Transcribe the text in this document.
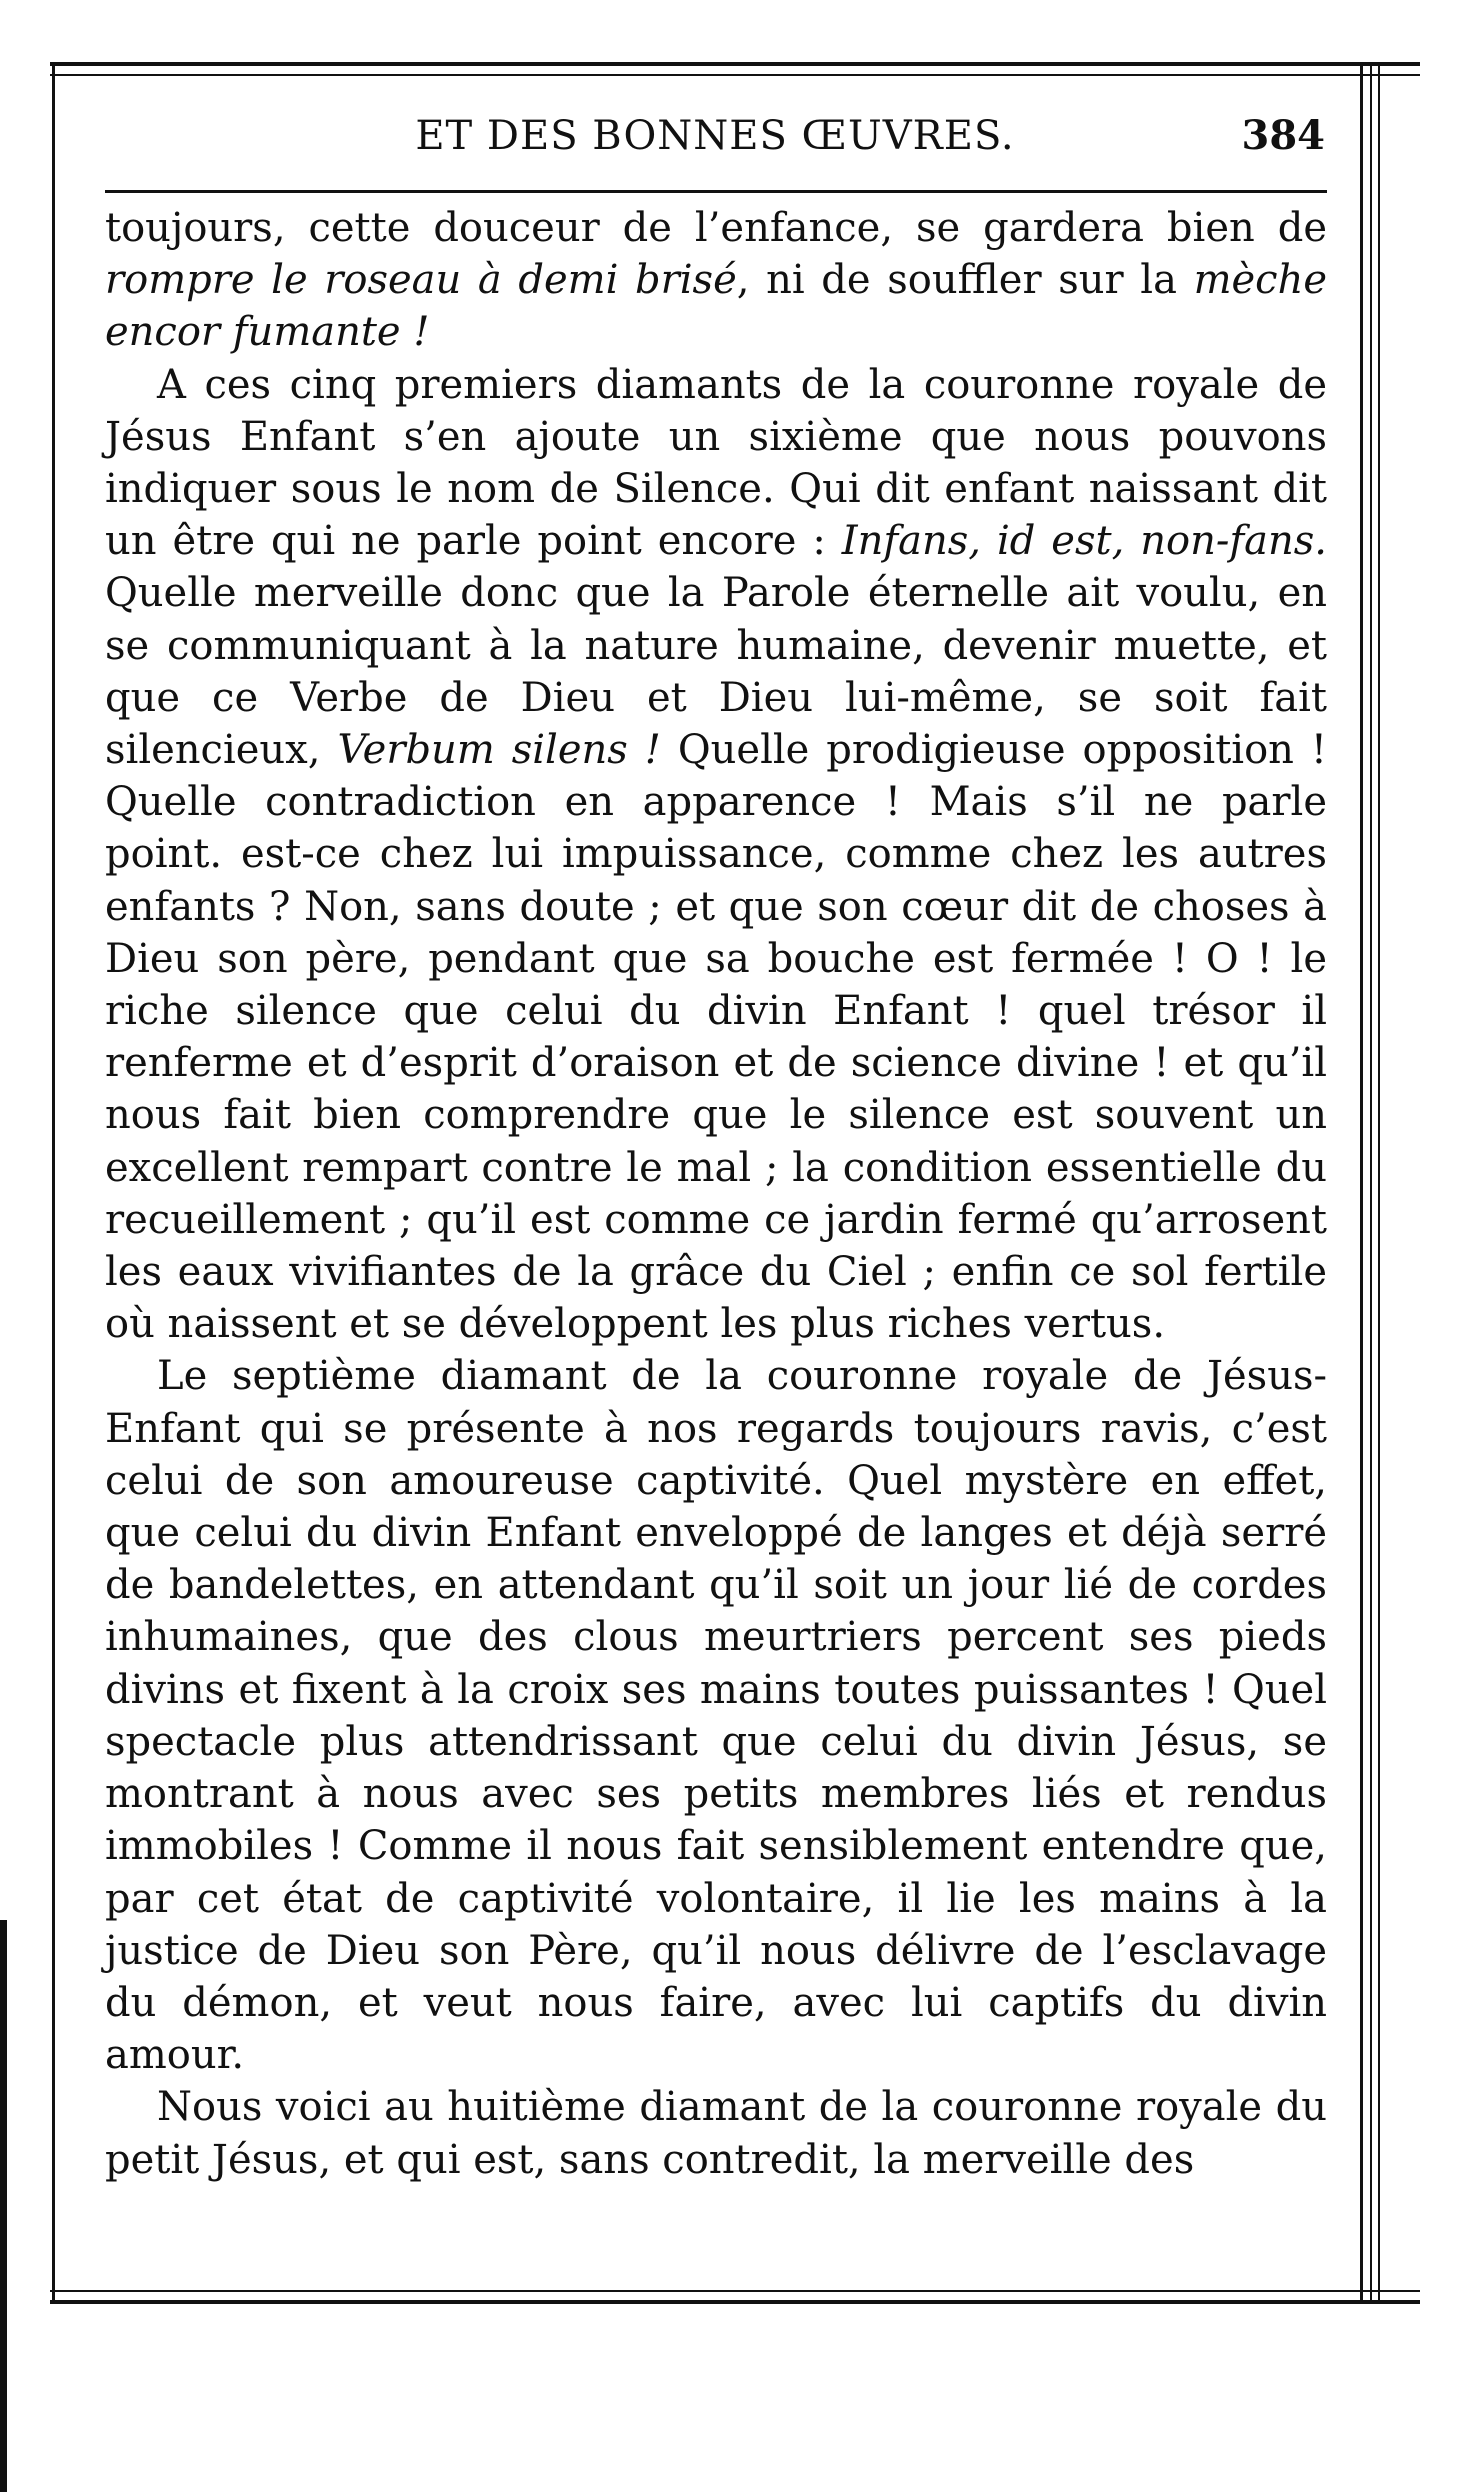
ET DES BONNES ŒUVRES.	384

toujours, cette douceur de l’enfance, se gardera bien de rompre le roseau à demi brisé, ni de souffler sur la mèche encor fumante !

A ces cinq premiers diamants de la couronne royale de Jésus Enfant s’en ajoute un sixième que nous pouvons indiquer sous le nom de Silence. Qui dit enfant naissant dit un être qui ne parle point encore : Infans, id est, non-fans. Quelle merveille donc que la Parole éternelle ait voulu, en se communiquant à la nature humaine, devenir muette, et que ce Verbe de Dieu et Dieu lui-même, se soit fait silencieux, Verbum silens ! Quelle prodigieuse opposition ! Quelle contradiction en apparence ! Mais s’il ne parle point. est-ce chez lui impuissance, comme chez les autres enfants ? Non, sans doute ; et que son cœur dit de choses à Dieu son père, pendant que sa bouche est fermée ! O ! le riche silence que celui du divin Enfant ! quel trésor il renferme et d’esprit d’oraison et de science divine ! et qu’il nous fait bien comprendre que le silence est souvent un excellent rempart contre le mal ; la condition essentielle du recueillement ; qu’il est comme ce jardin fermé qu’arrosent les eaux vivifiantes de la grâce du Ciel ; enfin ce sol fertile où naissent et se développent les plus riches vertus.

Le septième diamant de la couronne royale de Jésus-Enfant qui se présente à nos regards toujours ravis, c’est celui de son amoureuse captivité. Quel mystère en effet, que celui du divin Enfant enveloppé de langes et déjà serré de bandelettes, en attendant qu’il soit un jour lié de cordes inhumaines, que des clous meurtriers percent ses pieds divins et fixent à la croix ses mains toutes puissantes ! Quel spectacle plus attendrissant que celui du divin Jésus, se montrant à nous avec ses petits membres liés et rendus immobiles ! Comme il nous fait sensiblement entendre que, par cet état de captivité volontaire, il lie les mains à la justice de Dieu son Père, qu’il nous délivre de l’esclavage du démon, et veut nous faire, avec lui captifs du divin amour.

Nous voici au huitième diamant de la couronne royale du petit Jésus, et qui est, sans contredit, la merveille des
